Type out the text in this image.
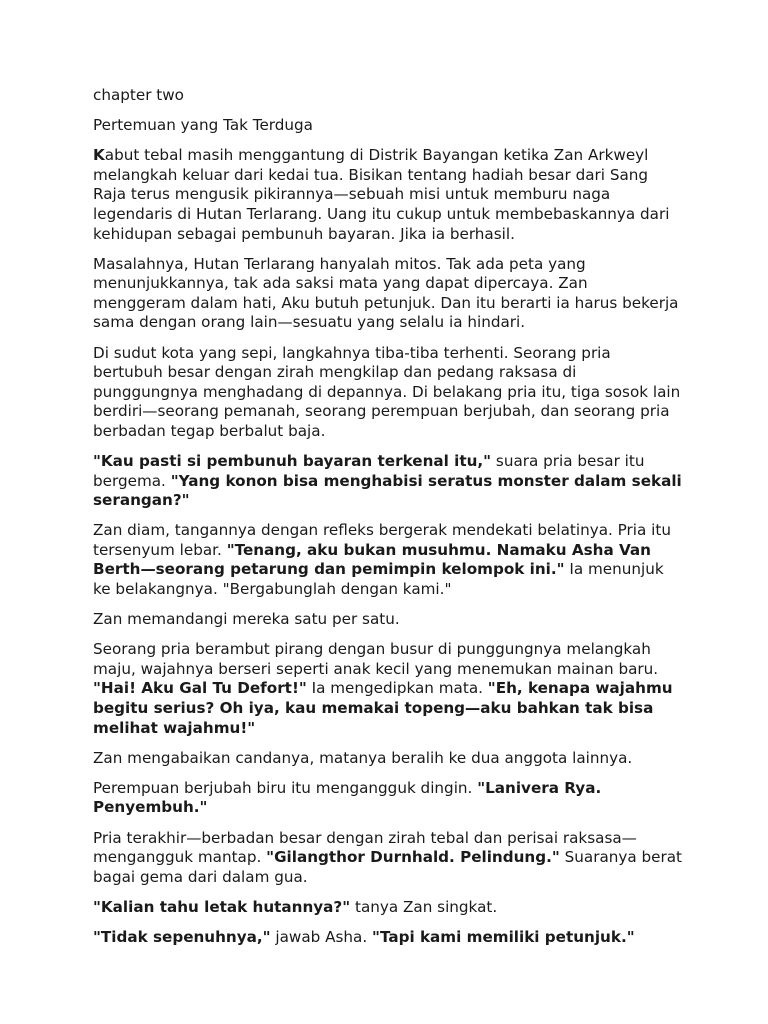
chapter two

Pertemuan yang Tak Terduga

Kabut tebal masih menggantung di Distrik Bayangan ketika Zan Arkweyl melangkah keluar dari kedai tua. Bisikan tentang hadiah besar dari Sang Raja terus mengusik pikirannya—sebuah misi untuk memburu naga legendaris di Hutan Terlarang. Uang itu cukup untuk membebaskannya dari kehidupan sebagai pembunuh bayaran. Jika ia berhasil.

Masalahnya, Hutan Terlarang hanyalah mitos. Tak ada peta yang menunjukkannya, tak ada saksi mata yang dapat dipercaya. Zan menggeram dalam hati, Aku butuh petunjuk. Dan itu berarti ia harus bekerja sama dengan orang lain—sesuatu yang selalu ia hindari.

Di sudut kota yang sepi, langkahnya tiba-tiba terhenti. Seorang pria bertubuh besar dengan zirah mengkilap dan pedang raksasa di punggungnya menghadang di depannya. Di belakang pria itu, tiga sosok lain berdiri—seorang pemanah, seorang perempuan berjubah, dan seorang pria berbadan tegap berbalut baja.

"Kau pasti si pembunuh bayaran terkenal itu," suara pria besar itu bergema. "Yang konon bisa menghabisi seratus monster dalam sekali serangan?"

Zan diam, tangannya dengan refleks bergerak mendekati belatinya. Pria itu tersenyum lebar. "Tenang, aku bukan musuhmu. Namaku Asha Van Berth—seorang petarung dan pemimpin kelompok ini." Ia menunjuk ke belakangnya. "Bergabunglah dengan kami."

Zan memandangi mereka satu per satu.

Seorang pria berambut pirang dengan busur di punggungnya melangkah maju, wajahnya berseri seperti anak kecil yang menemukan mainan baru. "Hai! Aku Gal Tu Defort!" Ia mengedipkan mata. "Eh, kenapa wajahmu begitu serius? Oh iya, kau memakai topeng—aku bahkan tak bisa melihat wajahmu!"

Zan mengabaikan candanya, matanya beralih ke dua anggota lainnya.

Perempuan berjubah biru itu mengangguk dingin. "Lanivera Rya. Penyembuh."

Pria terakhir—berbadan besar dengan zirah tebal dan perisai raksasa—mengangguk mantap. "Gilangthor Durnhald. Pelindung." Suaranya berat bagai gema dari dalam gua.

"Kalian tahu letak hutannya?" tanya Zan singkat.

"Tidak sepenuhnya," jawab Asha. "Tapi kami memiliki petunjuk."
